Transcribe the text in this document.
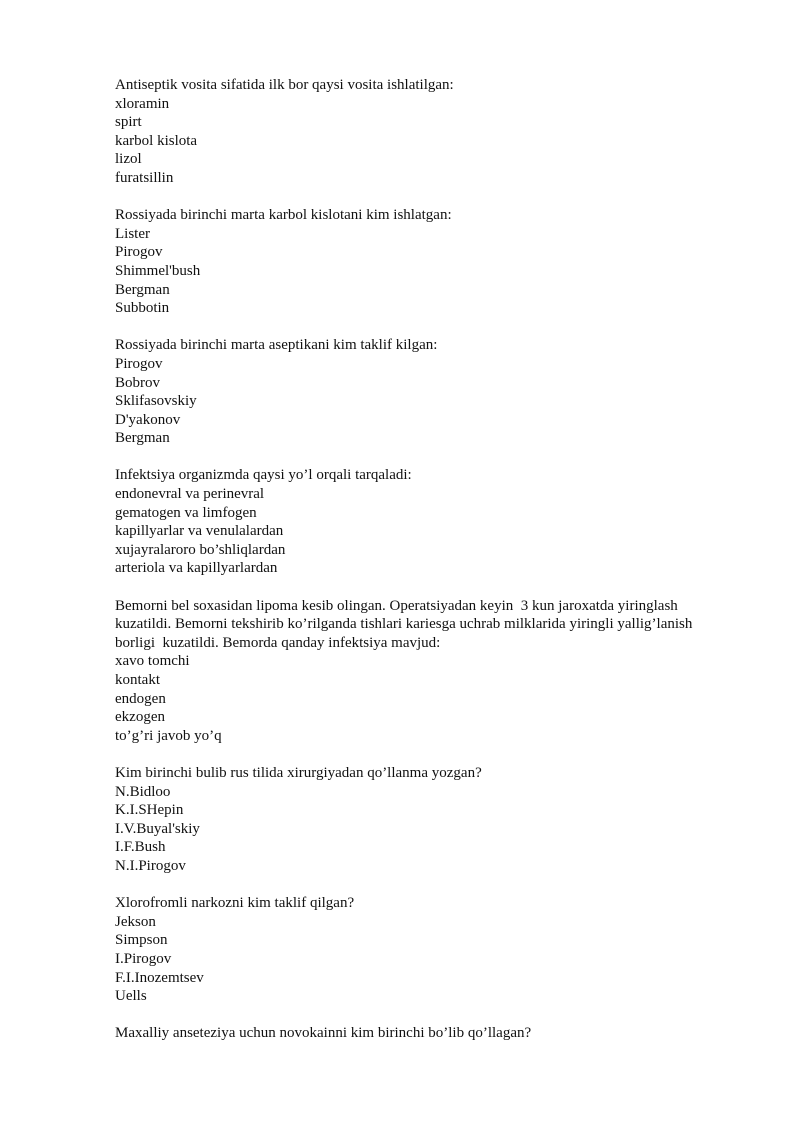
Antiseptik vosita sifatida ilk bor qaysi vosita ishlatilgan:
xloramin
spirt
karbol kislota
lizol
furatsillin
Rossiyada birinchi marta karbol kislotani kim ishlatgan:
Lister
Pirogov
Shimmel'bush
Bergman
Subbotin
Rossiyada birinchi marta aseptikani kim taklif kilgan:
Pirogov
Bobrov
Sklifasovskiy
D'yakonov
Bergman
Infektsiya organizmda qaysi yo’l orqali tarqaladi:
endonevral va perinevral
gematogen va limfogen
kapillyarlar va venulalardan
xujayralaroro bo’shliqlardan
arteriola va kapillyarlardan
Bemorni bel soxasidan lipoma kesib olingan. Operatsiyadan keyin  3 kun jaroxatda yiringlash
kuzatildi. Bemorni tekshirib ko’rilganda tishlari kariesga uchrab milklarida yiringli yallig’lanish
borligi  kuzatildi. Bemorda qanday infektsiya mavjud:
xavo tomchi
kontakt
endogen
ekzogen
to’g’ri javob yo’q
Kim birinchi bulib rus tilida xirurgiyadan qo’llanma yozgan?
N.Bidloo
K.I.SHepin
I.V.Buyal'skiy
I.F.Bush
N.I.Pirogov
Xlorofromli narkozni kim taklif qilgan?
Jekson
Simpson
I.Pirogov
F.I.Inozemtsev
Uells
Maxalliy anseteziya uchun novokainni kim birinchi bo’lib qo’llagan?
